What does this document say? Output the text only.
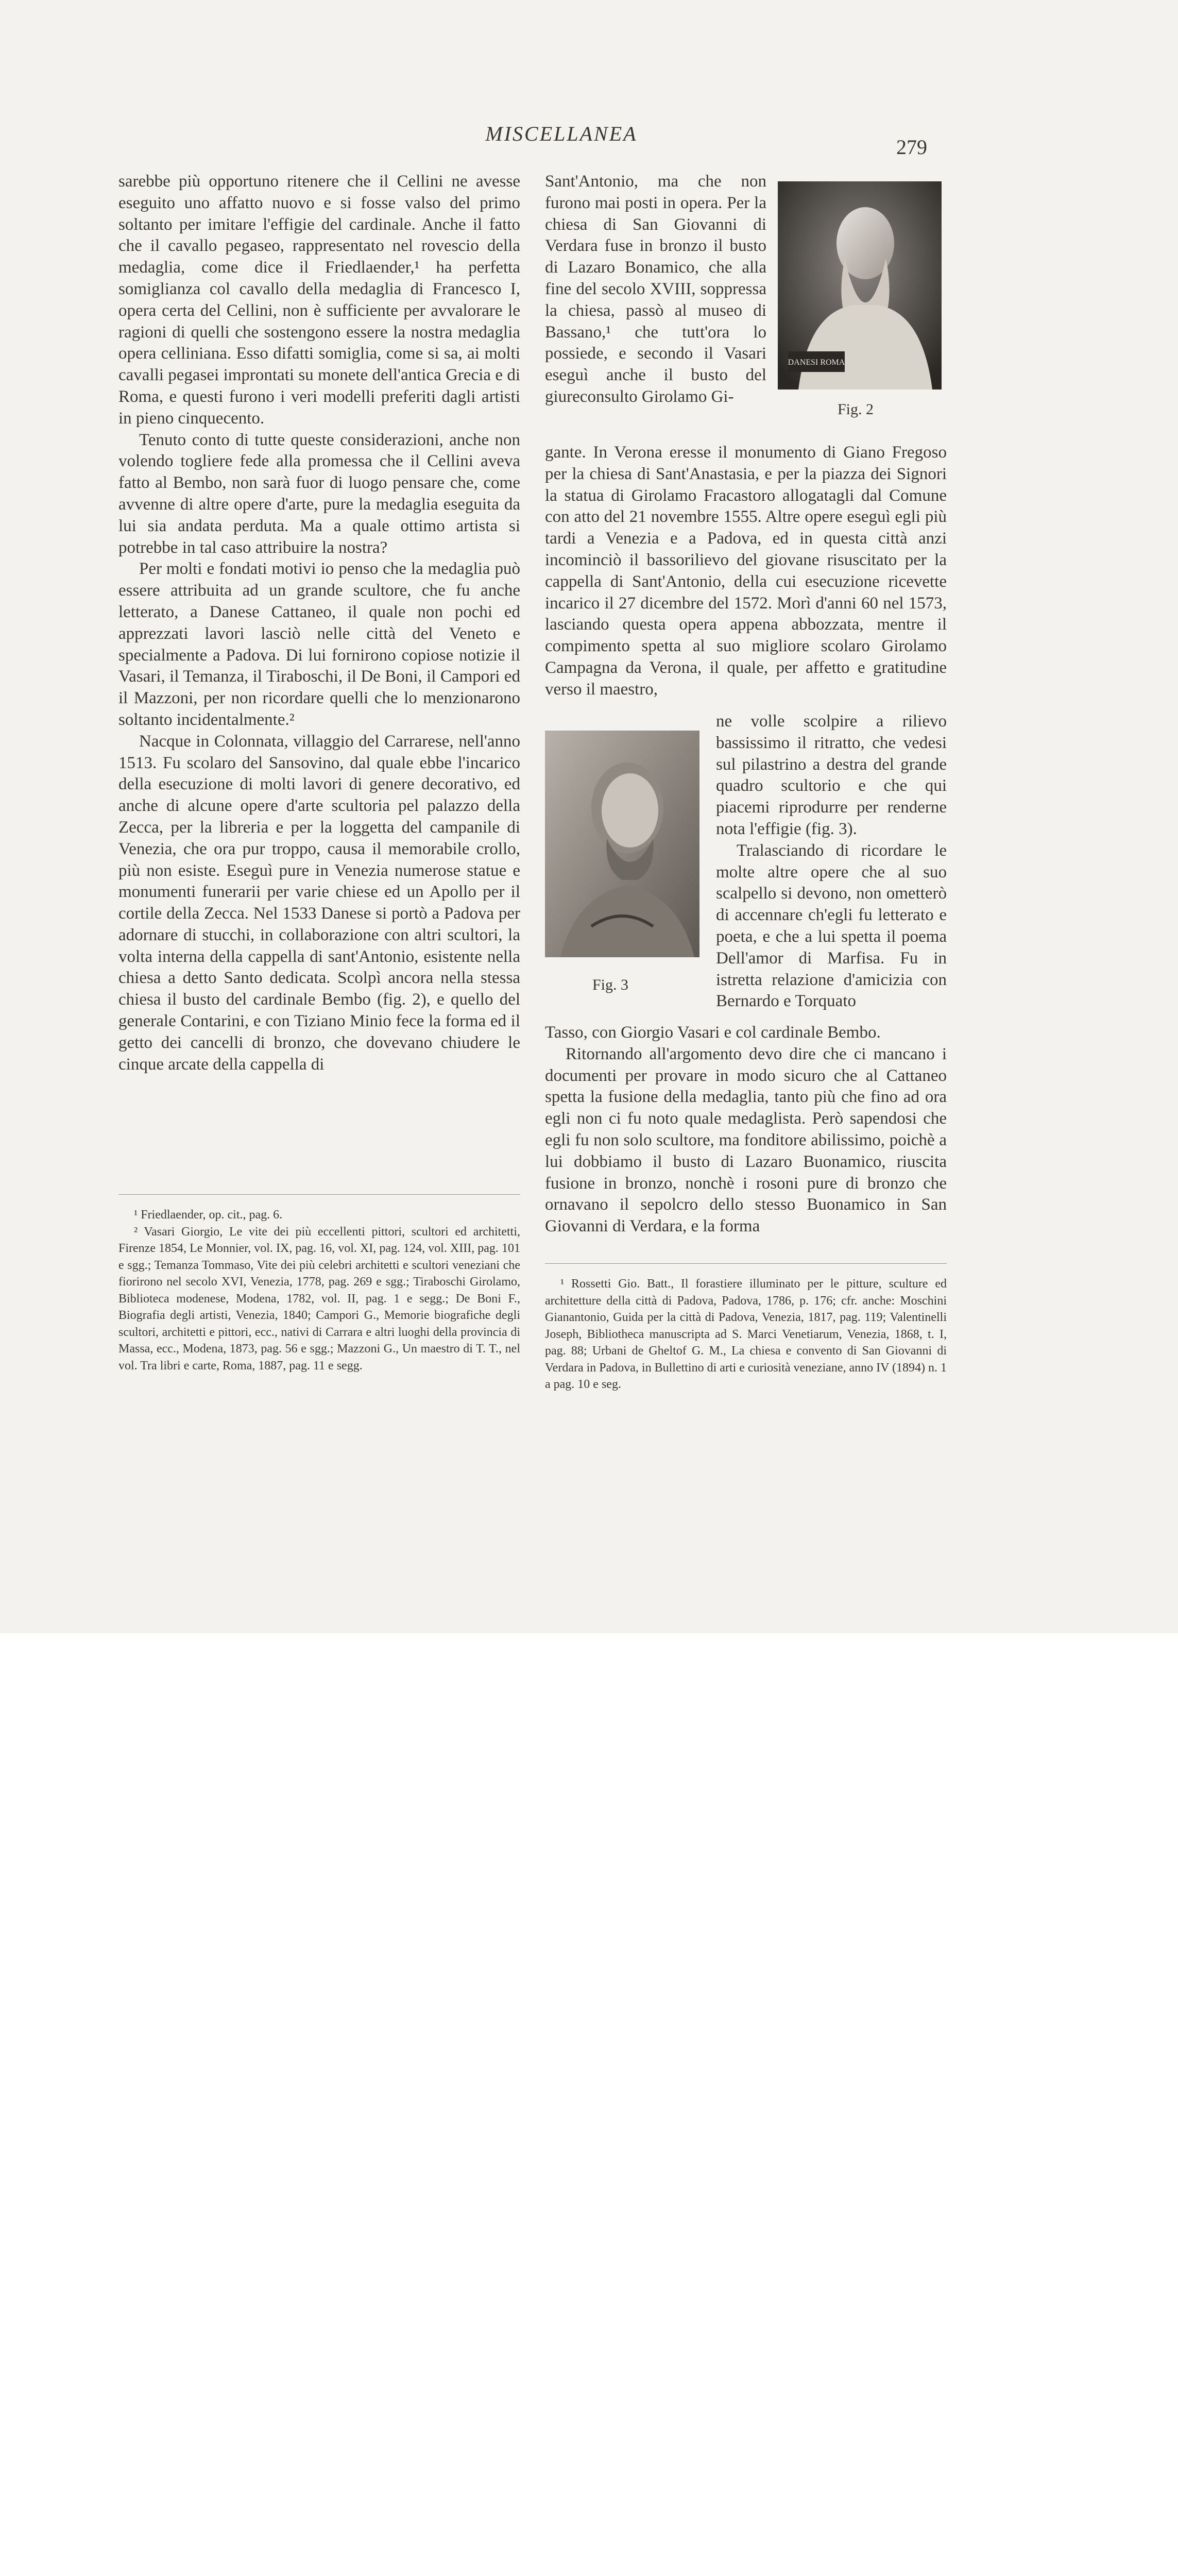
MISCELLANEA
279

sarebbe più opportuno ritenere che il Cellini ne avesse eseguito uno affatto nuovo e si fosse valso del primo soltanto per imitare l'effigie del cardinale. Anche il fatto che il cavallo pegaseo, rappresentato nel rovescio della medaglia, come dice il Friedlaender,¹ ha perfetta somiglianza col cavallo della medaglia di Francesco I, opera certa del Cellini, non è sufficiente per avvalorare le ragioni di quelli che sostengono essere la nostra medaglia opera celliniana. Esso difatti somiglia, come si sa, ai molti cavalli pegasei improntati su monete dell'antica Grecia e di Roma, e questi furono i veri modelli preferiti dagli artisti in pieno cinquecento.

Tenuto conto di tutte queste considerazioni, anche non volendo togliere fede alla promessa che il Cellini aveva fatto al Bembo, non sarà fuor di luogo pensare che, come avvenne di altre opere d'arte, pure la medaglia eseguita da lui sia andata perduta. Ma a quale ottimo artista si potrebbe in tal caso attribuire la nostra?

Per molti e fondati motivi io penso che la medaglia può essere attribuita ad un grande scultore, che fu anche letterato, a Danese Cattaneo, il quale non pochi ed apprezzati lavori lasciò nelle città del Veneto e specialmente a Padova. Di lui fornirono copiose notizie il Vasari, il Temanza, il Tiraboschi, il De Boni, il Campori ed il Mazzoni, per non ricordare quelli che lo menzionarono soltanto incidentalmente.²

Nacque in Colonnata, villaggio del Carrarese, nell'anno 1513. Fu scolaro del Sansovino, dal quale ebbe l'incarico della esecuzione di molti lavori di genere decorativo, ed anche di alcune opere d'arte scultoria pel palazzo della Zecca, per la libreria e per la loggetta del campanile di Venezia, che ora pur troppo, causa il memorabile crollo, più non esiste. Eseguì pure in Venezia numerose statue e monumenti funerarii per varie chiese ed un Apollo per il cortile della Zecca. Nel 1533 Danese si portò a Padova per adornare di stucchi, in collaborazione con altri scultori, la volta interna della cappella di sant'Antonio, esistente nella chiesa a detto Santo dedicata. Scolpì ancora nella stessa chiesa il busto del cardinale Bembo (fig. 2), e quello del generale Contarini, e con Tiziano Minio fece la forma ed il getto dei cancelli di bronzo, che dovevano chiudere le cinque arcate della cappella di

Sant'Antonio, ma che non furono mai posti in opera. Per la chiesa di San Giovanni di Verdara fuse in bronzo il busto di Lazaro Bonamico, che alla fine del secolo XVIII, soppressa la chiesa, passò al museo di Bassano,¹ che tutt'ora lo possiede, e secondo il Vasari eseguì anche il busto del giureconsulto Girolamo Gi-

DANESI ROMA
Fig. 2

gante. In Verona eresse il monumento di Giano Fregoso per la chiesa di Sant'Anastasia, e per la piazza dei Signori la statua di Girolamo Fracastoro allogatagli dal Comune con atto del 21 novembre 1555. Altre opere eseguì egli più tardi a Venezia e a Padova, ed in questa città anzi incominciò il bassorilievo del giovane risuscitato per la cappella di Sant'Antonio, della cui esecuzione ricevette incarico il 27 dicembre del 1572. Morì d'anni 60 nel 1573, lasciando questa opera appena abbozzata, mentre il compimento spetta al suo migliore scolaro Girolamo Campagna da Verona, il quale, per affetto e gratitudine verso il maestro,

Fig. 3

ne volle scolpire a rilievo bassissimo il ritratto, che vedesi sul pilastrino a destra del grande quadro scultorio e che qui piacemi riprodurre per renderne nota l'effigie (fig. 3).

Tralasciando di ricordare le molte altre opere che al suo scalpello si devono, non ometterò di accennare ch'egli fu letterato e poeta, e che a lui spetta il poema Dell'amor di Marfisa. Fu in istretta relazione d'amicizia con Bernardo e Torquato

Tasso, con Giorgio Vasari e col cardinale Bembo.

Ritornando all'argomento devo dire che ci mancano i documenti per provare in modo sicuro che al Cattaneo spetta la fusione della medaglia, tanto più che fino ad ora egli non ci fu noto quale medaglista. Però sapendosi che egli fu non solo scultore, ma fonditore abilissimo, poichè a lui dobbiamo il busto di Lazaro Buonamico, riuscita fusione in bronzo, nonchè i rosoni pure di bronzo che ornavano il sepolcro dello stesso Buonamico in San Giovanni di Verdara, e la forma

¹ Friedlaender, op. cit., pag. 6.

² Vasari Giorgio, Le vite dei più eccellenti pittori, scultori ed architetti, Firenze 1854, Le Monnier, vol. IX, pag. 16, vol. XI, pag. 124, vol. XIII, pag. 101 e sgg.; Temanza Tommaso, Vite dei più celebri architetti e scultori veneziani che fiorirono nel secolo XVI, Venezia, 1778, pag. 269 e sgg.; Tiraboschi Girolamo, Biblioteca modenese, Modena, 1782, vol. II, pag. 1 e segg.; De Boni F., Biografia degli artisti, Venezia, 1840; Campori G., Memorie biografiche degli scultori, architetti e pittori, ecc., nativi di Carrara e altri luoghi della provincia di Massa, ecc., Modena, 1873, pag. 56 e sgg.; Mazzoni G., Un maestro di T. T., nel vol. Tra libri e carte, Roma, 1887, pag. 11 e segg.

¹ Rossetti Gio. Batt., Il forastiere illuminato per le pitture, sculture ed architetture della città di Padova, Padova, 1786, p. 176; cfr. anche: Moschini Gianantonio, Guida per la città di Padova, Venezia, 1817, pag. 119; Valentinelli Joseph, Bibliotheca manuscripta ad S. Marci Venetiarum, Venezia, 1868, t. I, pag. 88; Urbani de Gheltof G. M., La chiesa e convento di San Giovanni di Verdara in Padova, in Bullettino di arti e curiosità veneziane, anno IV (1894) n. 1 a pag. 10 e seg.
